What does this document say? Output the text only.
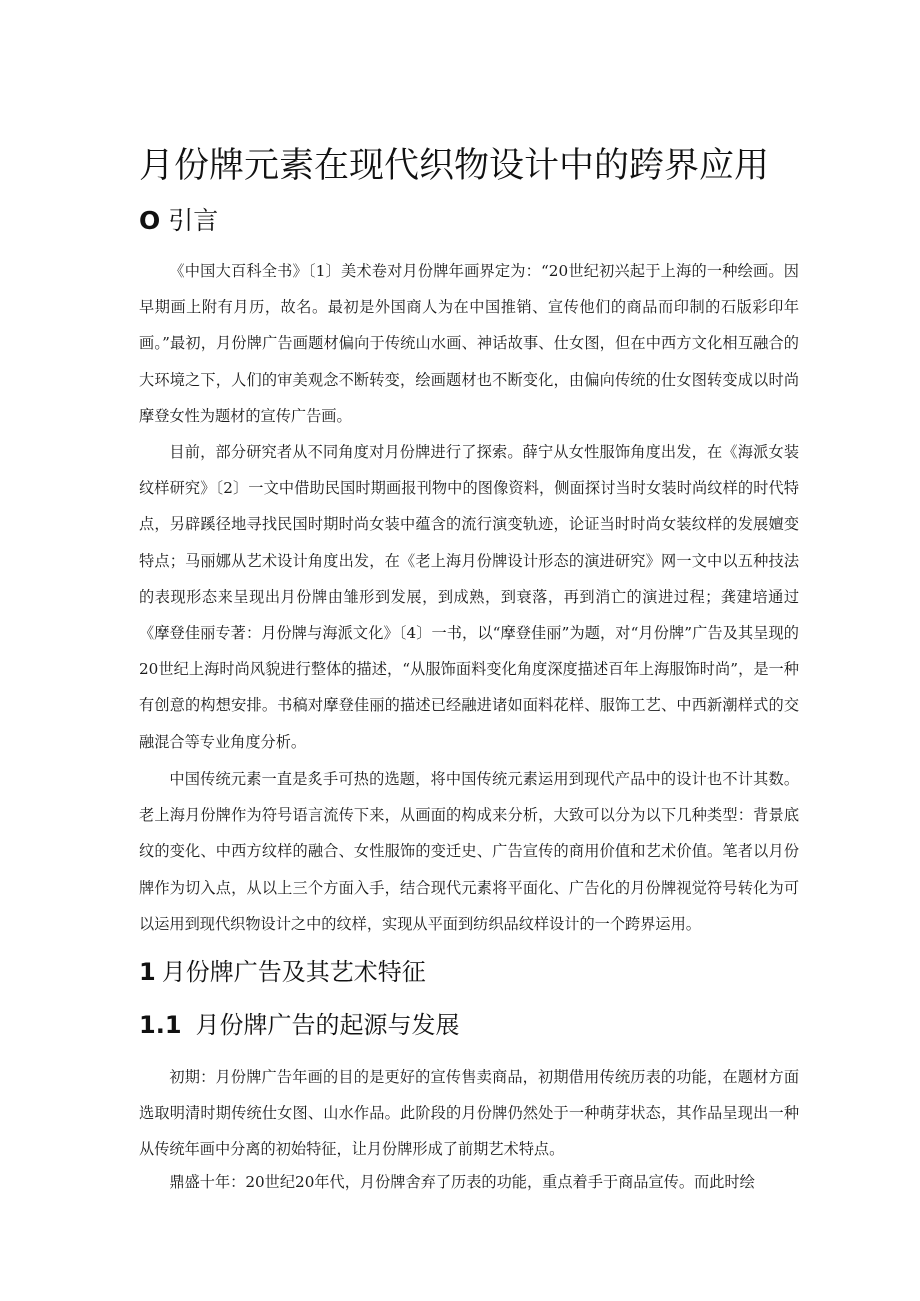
月份牌元素在现代织物设计中的跨界应用
O 引言

《中国大百科全书》〔1〕美术卷对月份牌年画界定为：“20世纪初兴起于上海的一种绘画。因早期画上附有月历，故名。最初是外国商人为在中国推销、宣传他们的商品而印制的石版彩印年画。”最初，月份牌广告画题材偏向于传统山水画、神话故事、仕女图，但在中西方文化相互融合的大环境之下，人们的审美观念不断转变，绘画题材也不断变化，由偏向传统的仕女图转变成以时尚摩登女性为题材的宣传广告画。

目前，部分研究者从不同角度对月份牌进行了探索。薛宁从女性服饰角度出发，在《海派女装纹样研究》〔2〕一文中借助民国时期画报刊物中的图像资料，侧面探讨当时女装时尚纹样的时代特点，另辟蹊径地寻找民国时期时尚女装中蕴含的流行演变轨迹，论证当时时尚女装纹样的发展嬗变特点；马丽娜从艺术设计角度出发，在《老上海月份牌设计形态的演进研究》网一文中以五种技法的表现形态来呈现出月份牌由雏形到发展，到成熟，到衰落，再到消亡的演进过程；龚建培通过《摩登佳丽专著：月份牌与海派文化》〔4〕一书，以“摩登佳丽”为题，对“月份牌”广告及其呈现的20世纪上海时尚风貌进行整体的描述，“从服饰面料变化角度深度描述百年上海服饰时尚”，是一种有创意的构想安排。书稿对摩登佳丽的描述已经融进诸如面料花样、服饰工艺、中西新潮样式的交融混合等专业角度分析。

中国传统元素一直是炙手可热的选题，将中国传统元素运用到现代产品中的设计也不计其数。老上海月份牌作为符号语言流传下来，从画面的构成来分析，大致可以分为以下几种类型：背景底纹的变化、中西方纹样的融合、女性服饰的变迁史、广告宣传的商用价值和艺术价值。笔者以月份牌作为切入点，从以上三个方面入手，结合现代元素将平面化、广告化的月份牌视觉符号转化为可以运用到现代织物设计之中的纹样，实现从平面到纺织品纹样设计的一个跨界运用。

1 月份牌广告及其艺术特征
1.1 月份牌广告的起源与发展

初期：月份牌广告年画的目的是更好的宣传售卖商品，初期借用传统历表的功能，在题材方面选取明清时期传统仕女图、山水作品。此阶段的月份牌仍然处于一种萌芽状态，其作品呈现出一种从传统年画中分离的初始特征，让月份牌形成了前期艺术特点。

鼎盛十年：20世纪20年代，月份牌舍弃了历表的功能，重点着手于商品宣传。而此时绘
